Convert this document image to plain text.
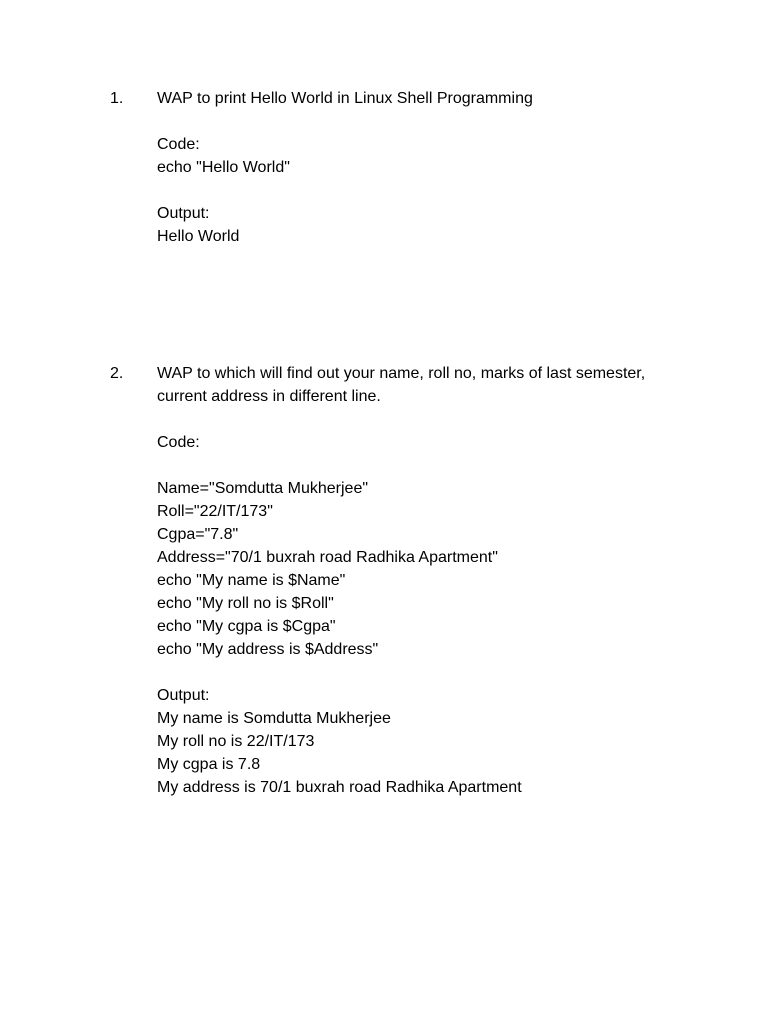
1. WAP to print Hello World in Linux Shell Programming
Code:
echo "Hello World"
Output:
Hello World
2. WAP to which will find out your name, roll no, marks of last semester, current address in different line.
Code:
Name="Somdutta Mukherjee"
Roll="22/IT/173"
Cgpa="7.8"
Address="70/1 buxrah road Radhika Apartment"
echo "My name is $Name"
echo "My roll no is $Roll"
echo "My cgpa is $Cgpa"
echo "My address is $Address"
Output:
My name is Somdutta Mukherjee
My roll no is 22/IT/173
My cgpa is 7.8
My address is 70/1 buxrah road Radhika Apartment
